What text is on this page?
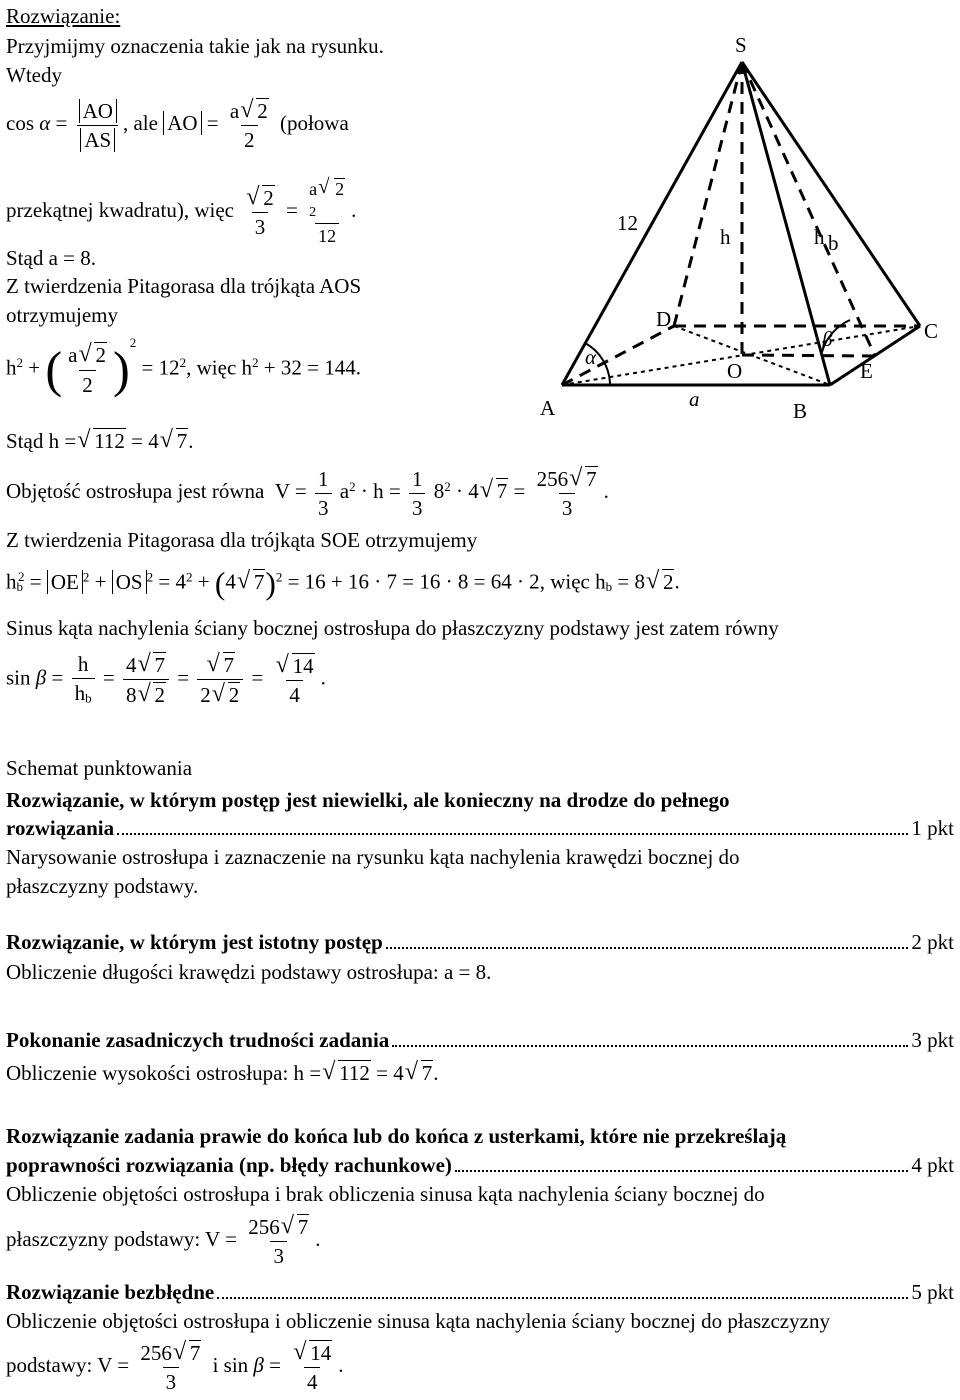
Rozwiązanie:
Przyjmijmy oznaczenia takie jak na rysunku.
Wtedy
$\cos \alpha = \frac{AO}{AS}$ , ale AO = $\frac{a√ 2}{2}$ (połowa
przekątnej kwadratu), więc
√ $\frac{2}{3}$ =
a√ 2
2
12
.
Stąd a = 8.
Z twierdzenia Pitagorasa dla trójkąta AOS
otrzymujemy
$h^2$ + ( $\frac{a√ 2}{2} )^2 = 12^2$, więc $h^2 + 32 = 144$.
Stąd h =√ 112 = 4√ 7.
Objętość ostrosłupa jest równa $V = \frac{1}{3} a^2 \cdot h = \frac{1}{3} 8^2 \cdot 4√$ $7 = \frac{256√ 7}{3}$ .
Z twierdzenia Pitagorasa dla trójkąta SOE otrzymujemy
$h_b^2$ = OE $^2$ + OS $^2 = 4^2 + (4√$ 7)$^2$ = 16 + 16 · 7 = 16 · 8 = 64 · 2, więc $h_b = 8√$ 2.
Sinus kąta nachylenia ściany bocznej ostrosłupa do płaszczyzny podstawy jest zatem równy
$\sin \beta = \frac{h}{h_b} = \frac{4√ 7}{8√ 2}$ =
√ $\frac{7}{2√ 2}$ =
√ $\frac{14}{4}$ .
S
A	B
C
D
O	E
a
h	h b
12
α
β
Schemat punktowania
Rozwiązanie, w którym postęp jest niewielki, ale konieczny na drodze do pełnego
rozwiązania	1 pkt
Narysowanie ostrosłupa i zaznaczenie na rysunku kąta nachylenia krawędzi bocznej do
płaszczyzny podstawy.
Rozwiązanie, w którym jest istotny postęp	2 pkt
Obliczenie długości krawędzi podstawy ostrosłupa: a = 8.
Pokonanie zasadniczych trudności zadania	3 pkt
Obliczenie wysokości ostrosłupa: h =√ 112 = 4√ 7.
Rozwiązanie zadania prawie do końca lub do końca z usterkami, które nie przekreślają
poprawności rozwiązania (np. błędy rachunkowe)	4 pkt
Obliczenie objętości ostrosłupa i brak obliczenia sinusa kąta nachylenia ściany bocznej do
płaszczyzny podstawy: $V = \frac{256√ 7}{3}$ .
Rozwiązanie bezbłędne	5 pkt
Obliczenie objętości ostrosłupa i obliczenie sinusa kąta nachylenia ściany bocznej do płaszczyzny
podstawy: $V = \frac{256√ 7}{3}$ i sin β =
√ $\frac{14}{4}$ .
